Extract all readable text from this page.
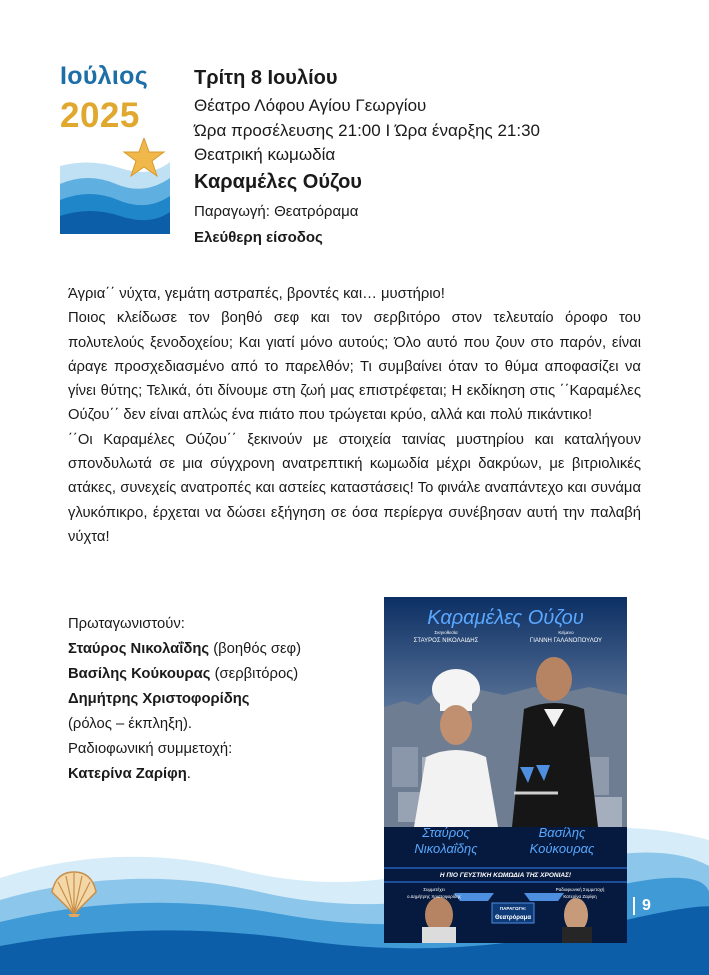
Ιούλιος
2025
Τρίτη 8 Ιουλίου
Θέατρο Λόφου Αγίου Γεωργίου
Ώρα προσέλευσης 21:00 Ι Ώρα έναρξης 21:30
Θεατρική κωμωδία
Καραμέλες Ούζου
Παραγωγή: Θεατρόραμα
Ελεύθερη είσοδος

Άγρια΄΄ νύχτα, γεμάτη αστραπές, βροντές και… μυστήριο!

Ποιος κλείδωσε τον βοηθό σεφ και τον σερβιτόρο στον τελευταίο όροφο του πολυτελούς ξενοδοχείου; Και γιατί μόνο αυτούς; Όλο αυτό που ζουν στο παρόν, είναι άραγε προσχεδιασμένο από το παρελθόν; Τι συμβαίνει όταν το θύμα αποφασίζει να γίνει θύτης; Τελικά, ότι δίνουμε στη ζωή μας επιστρέφεται; Η εκδίκηση στις ΄΄Καραμέλες Ούζου΄΄ δεν είναι απλώς ένα πιάτο που τρώγεται κρύο, αλλά και πολύ πικάντικο!

΄΄Οι Καραμέλες Ούζου΄΄ ξεκινούν με στοιχεία ταινίας μυστηρίου και καταλήγουν σπονδυλωτά σε μια σύγχρονη ανατρεπτική κωμωδία μέχρι δακρύων, με βιτριολικές ατάκες, συνεχείς ανατροπές και αστείες καταστάσεις! Το φινάλε αναπάντεχο και συνάμα γλυκόπικρο, έρχεται να δώσει εξήγηση σε όσα περίεργα συνέβησαν αυτή την παλαβή νύχτα!

Πρωταγωνιστούν:
Σταύρος Νικολαΐδης (βοηθός σεφ)
Βασίλης Κούκουρας (σερβιτόρος)
Δημήτρης Χριστοφορίδης
(ρόλος – έκπληξη).
Ραδιοφωνική συμμετοχή:
Κατερίνα Ζαρίφη.
Καραμέλες Ούζου
Σκηνοθεσία
ΣΤΑΥΡΟΣ ΝΙΚΟΛΑΙΔΗΣ
Κείμενο
ΓΙΑΝΝΗ ΓΑΛΑΝΟΠΟΥΛΟΥ
Σταύρος
Νικολαΐδης
Βασίλης
Κούκουρας
Η ΠΙΟ ΓΕΥΣΤΙΚΗ ΚΩΜΩΔΙΑ ΤΗΣ ΧΡΟΝΙΑΣ!
Συμμετέχει
ο Δημήτρης Χριστοφορίδης
Ραδιοφωνική Συμμετοχή
Κατερίνα Ζαρίφη
ΠΑΡΑΓΩΓΗ:
Θεατρόραμα
9
